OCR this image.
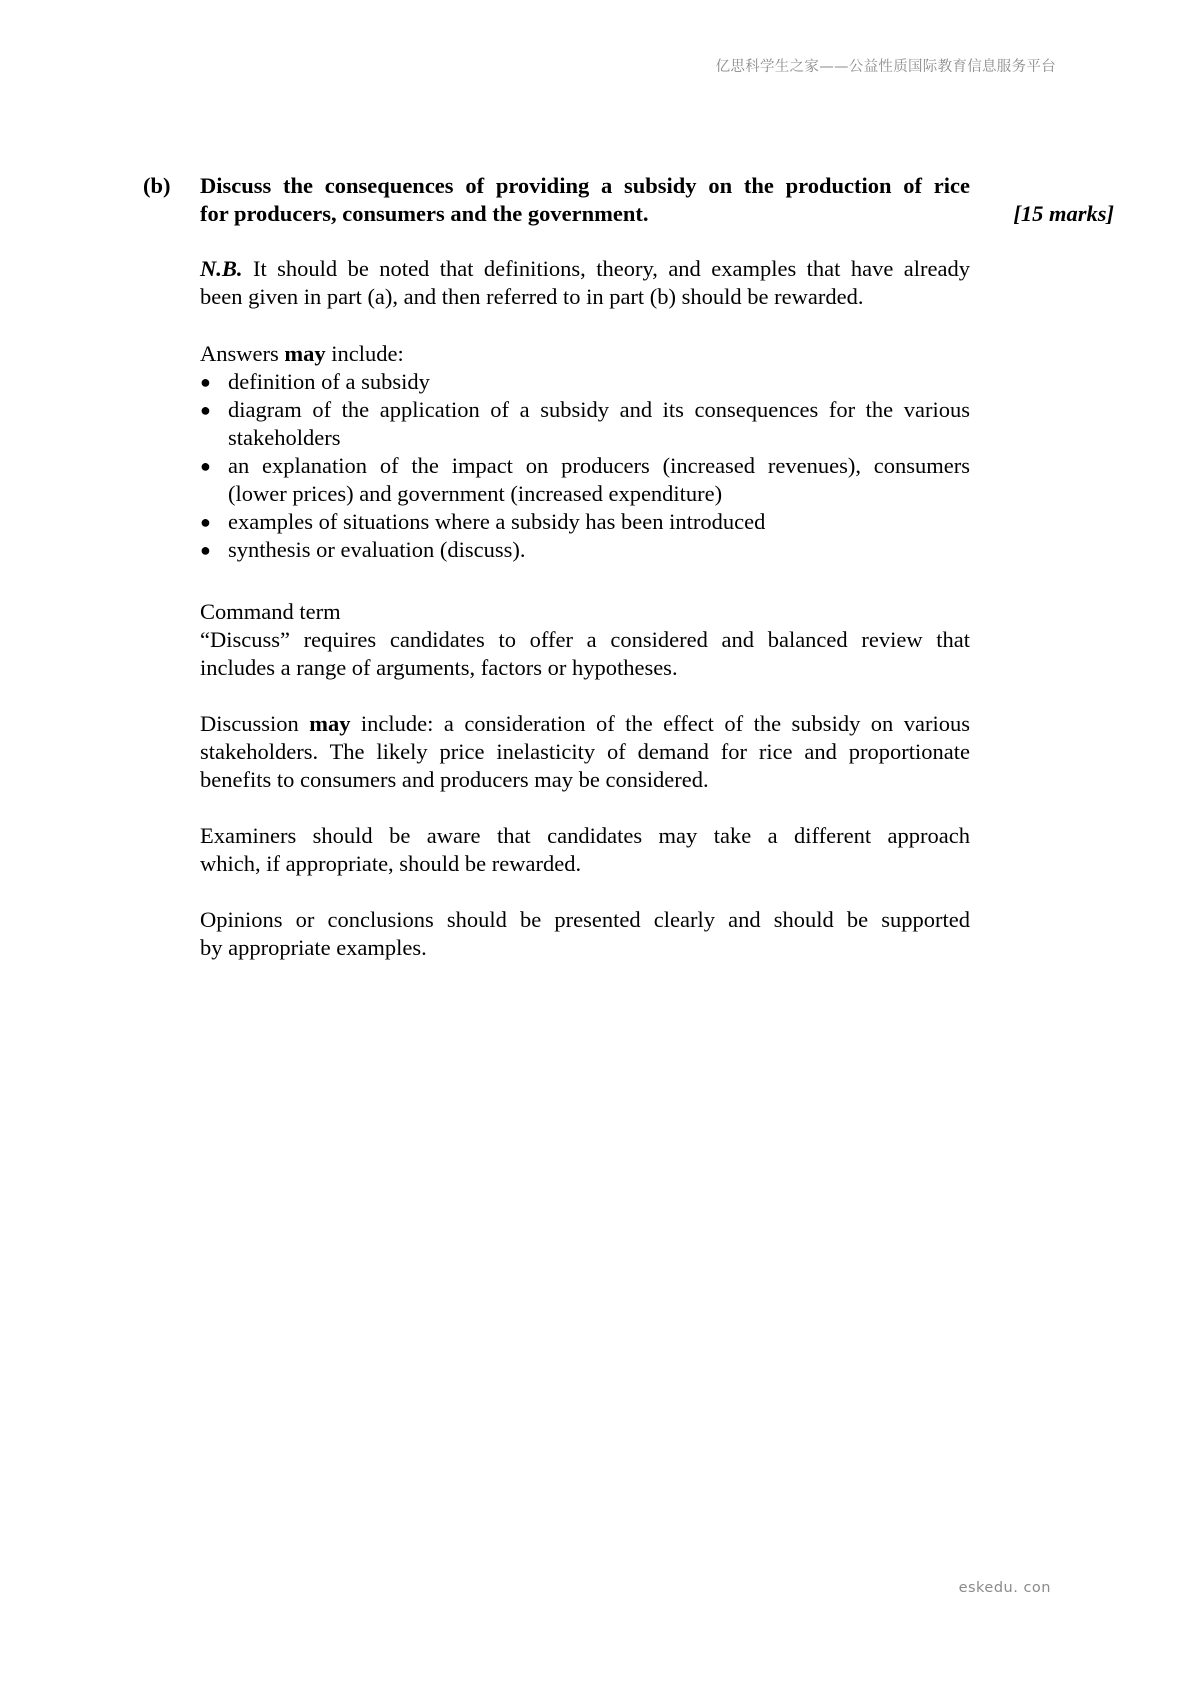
亿思科学生之家——公益性质国际教育信息服务平台
(b) Discuss the consequences of providing a subsidy on the production of rice
for producers, consumers and the government.	[15 marks]
N.B. It should be noted that definitions, theory, and examples that have already
been given in part (a), and then referred to in part (b) should be rewarded.

Answers may include:

● definition of a subsidy
● diagram of the application of a subsidy and its consequences for the various
stakeholders
● an explanation of the impact on producers (increased revenues), consumers
(lower prices) and government (increased expenditure)
● examples of situations where a subsidy has been introduced
● synthesis or evaluation (discuss).
Command term
“Discuss” requires candidates to offer a considered and balanced review that
includes a range of arguments, factors or hypotheses.
Discussion may include: a consideration of the effect of the subsidy on various
stakeholders. The likely price inelasticity of demand for rice and proportionate
benefits to consumers and producers may be considered.
Examiners should be aware that candidates may take a different approach
which, if appropriate, should be rewarded.
Opinions or conclusions should be presented clearly and should be supported
by appropriate examples.
eskedu. con
